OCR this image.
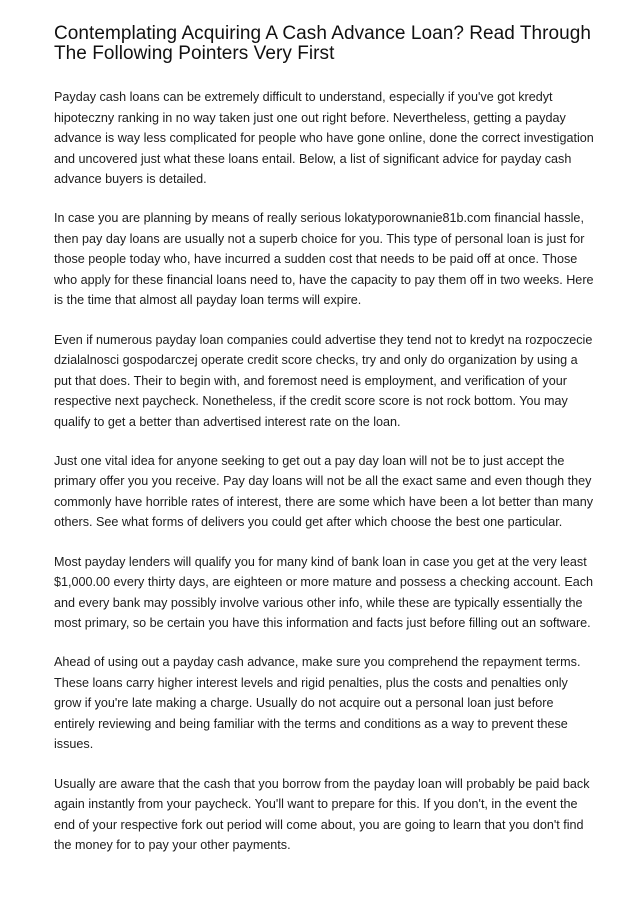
Contemplating Acquiring A Cash Advance Loan? Read Through The Following Pointers Very First

Payday cash loans can be extremely difficult to understand, especially if you've got kredyt hipoteczny ranking in no way taken just one out right before. Nevertheless, getting a payday advance is way less complicated for people who have gone online, done the correct investigation and uncovered just what these loans entail. Below, a list of significant advice for payday cash advance buyers is detailed.

In case you are planning by means of really serious lokatyporownanie81b.com financial hassle, then pay day loans are usually not a superb choice for you. This type of personal loan is just for those people today who, have incurred a sudden cost that needs to be paid off at once. Those who apply for these financial loans need to, have the capacity to pay them off in two weeks. Here is the time that almost all payday loan terms will expire.

Even if numerous payday loan companies could advertise they tend not to kredyt na rozpoczecie dzialalnosci gospodarczej operate credit score checks, try and only do organization by using a put that does. Their to begin with, and foremost need is employment, and verification of your respective next paycheck. Nonetheless, if the credit score score is not rock bottom. You may qualify to get a better than advertised interest rate on the loan.

Just one vital idea for anyone seeking to get out a pay day loan will not be to just accept the primary offer you you receive. Pay day loans will not be all the exact same and even though they commonly have horrible rates of interest, there are some which have been a lot better than many others. See what forms of delivers you could get after which choose the best one particular.

Most payday lenders will qualify you for many kind of bank loan in case you get at the very least $1,000.00 every thirty days, are eighteen or more mature and possess a checking account. Each and every bank may possibly involve various other info, while these are typically essentially the most primary, so be certain you have this information and facts just before filling out an software.

Ahead of using out a payday cash advance, make sure you comprehend the repayment terms. These loans carry higher interest levels and rigid penalties, plus the costs and penalties only grow if you're late making a charge. Usually do not acquire out a personal loan just before entirely reviewing and being familiar with the terms and conditions as a way to prevent these issues.

Usually are aware that the cash that you borrow from the payday loan will probably be paid back again instantly from your paycheck. You'll want to prepare for this. If you don't, in the event the end of your respective fork out period will come about, you are going to learn that you don't find the money for to pay your other payments.
